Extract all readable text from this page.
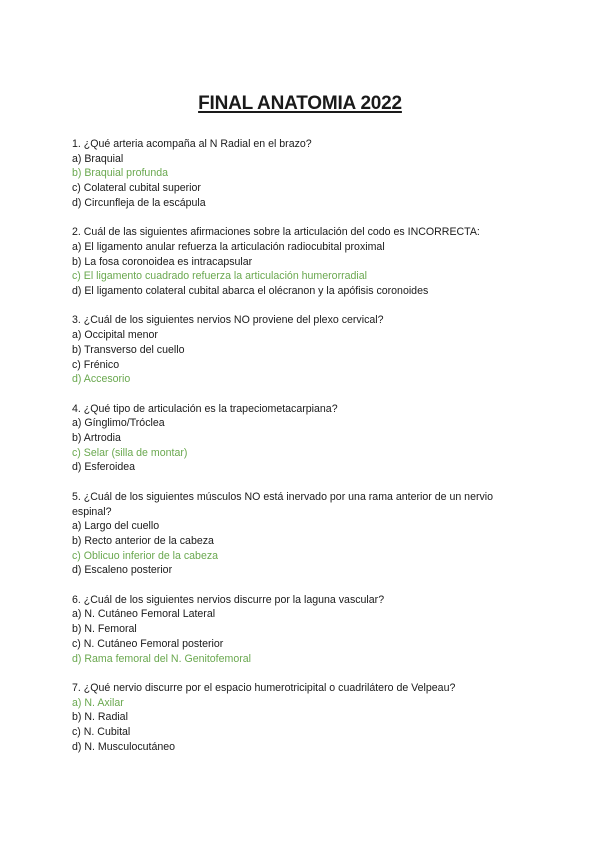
FINAL ANATOMIA 2022
1. ¿Qué arteria acompaña al N Radial en el brazo?
a) Braquial
b) Braquial profunda
c) Colateral cubital superior
d) Circunfleja de la escápula
2. Cuál de las siguientes afirmaciones sobre la articulación del codo es INCORRECTA:
a) El ligamento anular refuerza la articulación radiocubital proximal
b) La fosa coronoidea es intracapsular
c) El ligamento cuadrado refuerza la articulación humerorradial
d) El ligamento colateral cubital abarca el olécranon y la apófisis coronoides
3. ¿Cuál de los siguientes nervios NO proviene del plexo cervical?
a) Occipital menor
b) Transverso del cuello
c) Frénico
d) Accesorio
4. ¿Qué tipo de articulación es la trapeciometacarpiana?
a) Gínglimo/Tróclea
b) Artrodia
c) Selar (silla de montar)
d) Esferoidea
5. ¿Cuál de los siguientes músculos NO está inervado por una rama anterior de un nervio espinal?
a) Largo del cuello
b) Recto anterior de la cabeza
c) Oblicuo inferior de la cabeza
d) Escaleno posterior
6. ¿Cuál de los siguientes nervios discurre por la laguna vascular?
a) N. Cutáneo Femoral Lateral
b) N. Femoral
c) N. Cutáneo Femoral posterior
d) Rama femoral del N. Genitofemoral
7. ¿Qué nervio discurre por el espacio humerotricipital o cuadrilátero de Velpeau?
a) N. Axilar
b) N. Radial
c) N. Cubital
d) N. Musculocutáneo
